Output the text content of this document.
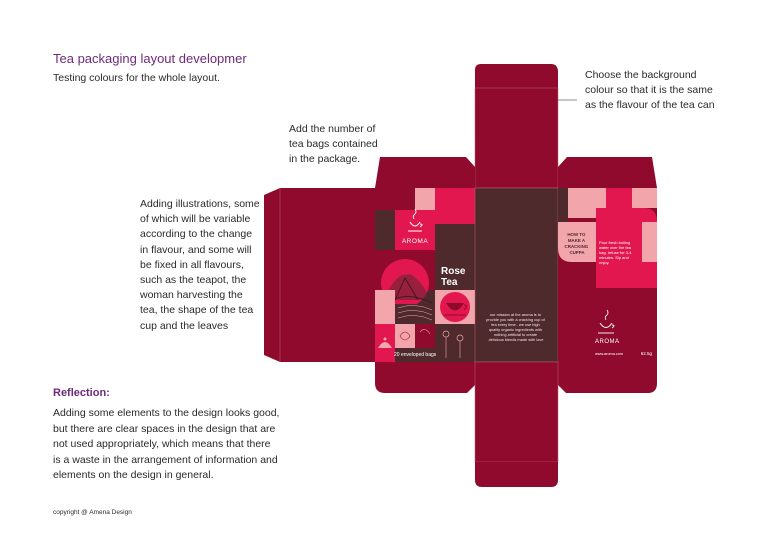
Tea packaging layout developmer
Testing colours for the whole layout.
Add the number of tea bags contained in the package.
Choose the background colour so that it is the same as the flavour of the tea can
Adding illustrations, some of which will be variable according to the change in flavour, and some will be fixed in all flavours, such as the teapot, the woman harvesting the tea, the shape of the tea cup and the leaves
Reflection:
Adding some elements to the design looks good, but there are clear spaces in the design that are not used appropriately, which means that there is a waste in the arrangement of information and elements on the design in general.
copyright @ Amena Design
AROMA
Rose
Tea
20 enveloped bags
our mission at the aroma is to provide you with a cracking cup of tea every time.. we use high quality organic ingredients with nothing artificial to create delicious blends made with love
HOW TO MAKE A CRACKING CUPPA
Pour fresh boiling water over the tea bag. Infuse for 3-4 minutes. Sip and enjoy.
AROMA
www.aroma.com	62.5g
